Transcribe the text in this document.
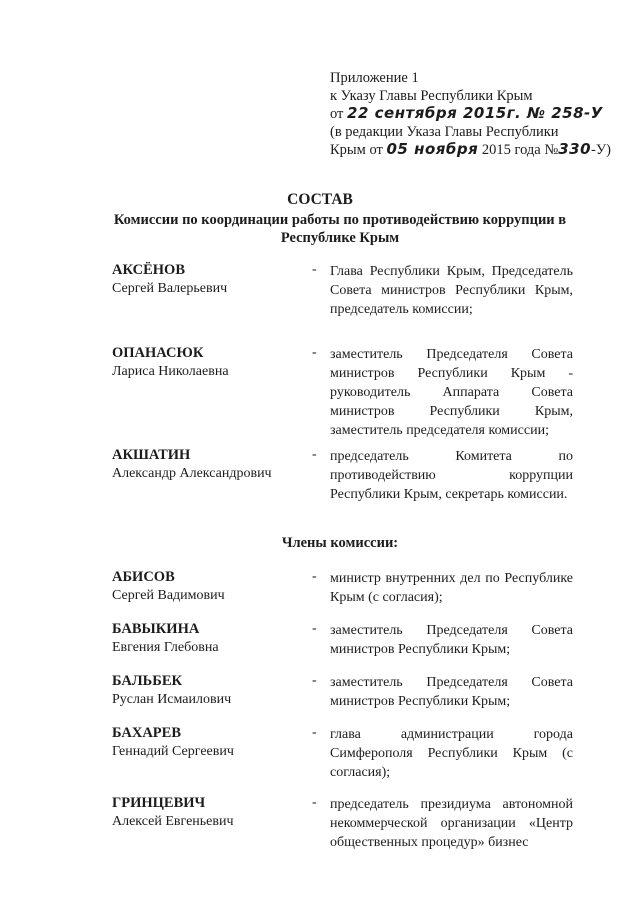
Приложение 1
к Указу Главы Республики Крым
от 22 сентября 2015г. № 258-У
(в редакции Указа Главы Республики
Крым от 05 ноября 2015 года №330-У)
СОСТАВ
Комиссии по координации работы по противодействию коррупции в Республике Крым
АКСЁНОВ
Сергей Валерьевич
- Глава Республики Крым, Председатель Совета министров Республики Крым, председатель комиссии;
ОПАНАСЮК
Лариса Николаевна
- заместитель Председателя Совета министров Республики Крым - руководитель Аппарата Совета министров Республики Крым, заместитель председателя комиссии;
АКШАТИН
Александр Александрович
- председатель Комитета по противодействию коррупции Республики Крым, секретарь комиссии.
Члены комиссии:
АБИСОВ
Сергей Вадимович
- министр внутренних дел по Республике Крым (с согласия);
БАВЫКИНА
Евгения Глебовна
- заместитель Председателя Совета министров Республики Крым;
БАЛЬБЕК
Руслан Исмаилович
- заместитель Председателя Совета министров Республики Крым;
БАХАРЕВ
Геннадий Сергеевич
- глава администрации города Симферополя Республики Крым (с согласия);
ГРИНЦЕВИЧ
Алексей Евгеньевич
- председатель президиума автономной некоммерческой организации «Центр общественных процедур» бизнес
